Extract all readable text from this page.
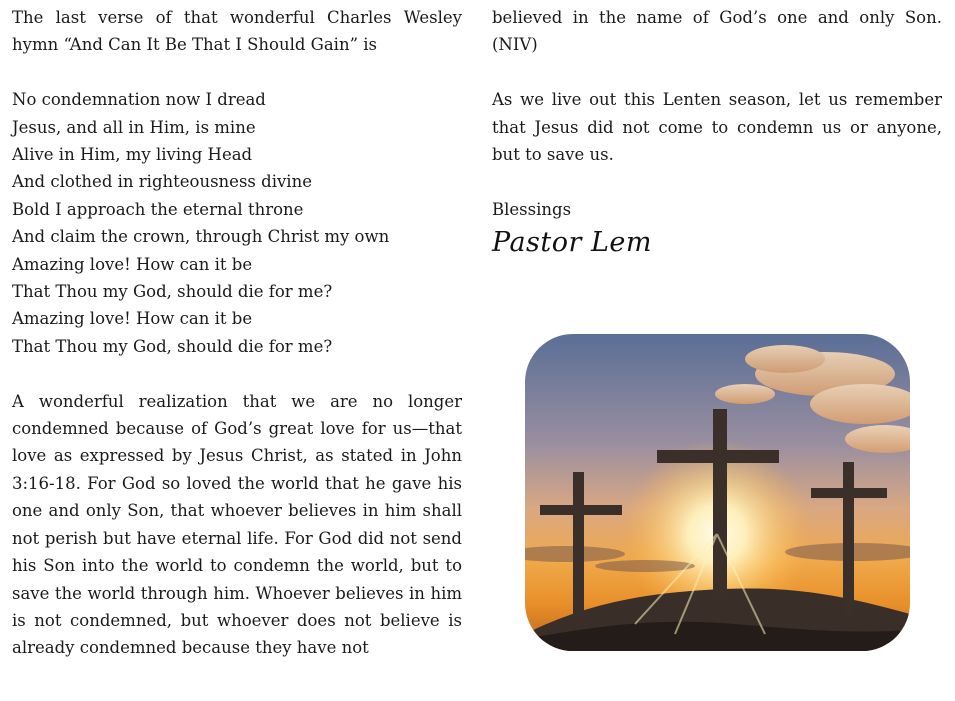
The last verse of that wonderful Charles Wesley hymn “And Can It Be That I Should Gain” is

No condemnation now I dread
Jesus, and all in Him, is mine
Alive in Him, my living Head
And clothed in righteousness divine
Bold I approach the eternal throne
And claim the crown, through Christ my own
Amazing love! How can it be
That Thou my God, should die for me?
Amazing love! How can it be
That Thou my God, should die for me?

A wonderful realization that we are no longer condemned because of God’s great love for us—that love as expressed by Jesus Christ, as stated in John 3:16-18. For God so loved the world that he gave his one and only Son, that whoever believes in him shall not perish but have eternal life. For God did not send his Son into the world to condemn the world, but to save the world through him. Whoever believes in him is not condemned, but whoever does not believe is already condemned because they have not

believed in the name of God’s one and only Son. (NIV)

As we live out this Lenten season, let us remember that Jesus did not come to condemn us or anyone, but to save us.

Blessings

Pastor Lem
